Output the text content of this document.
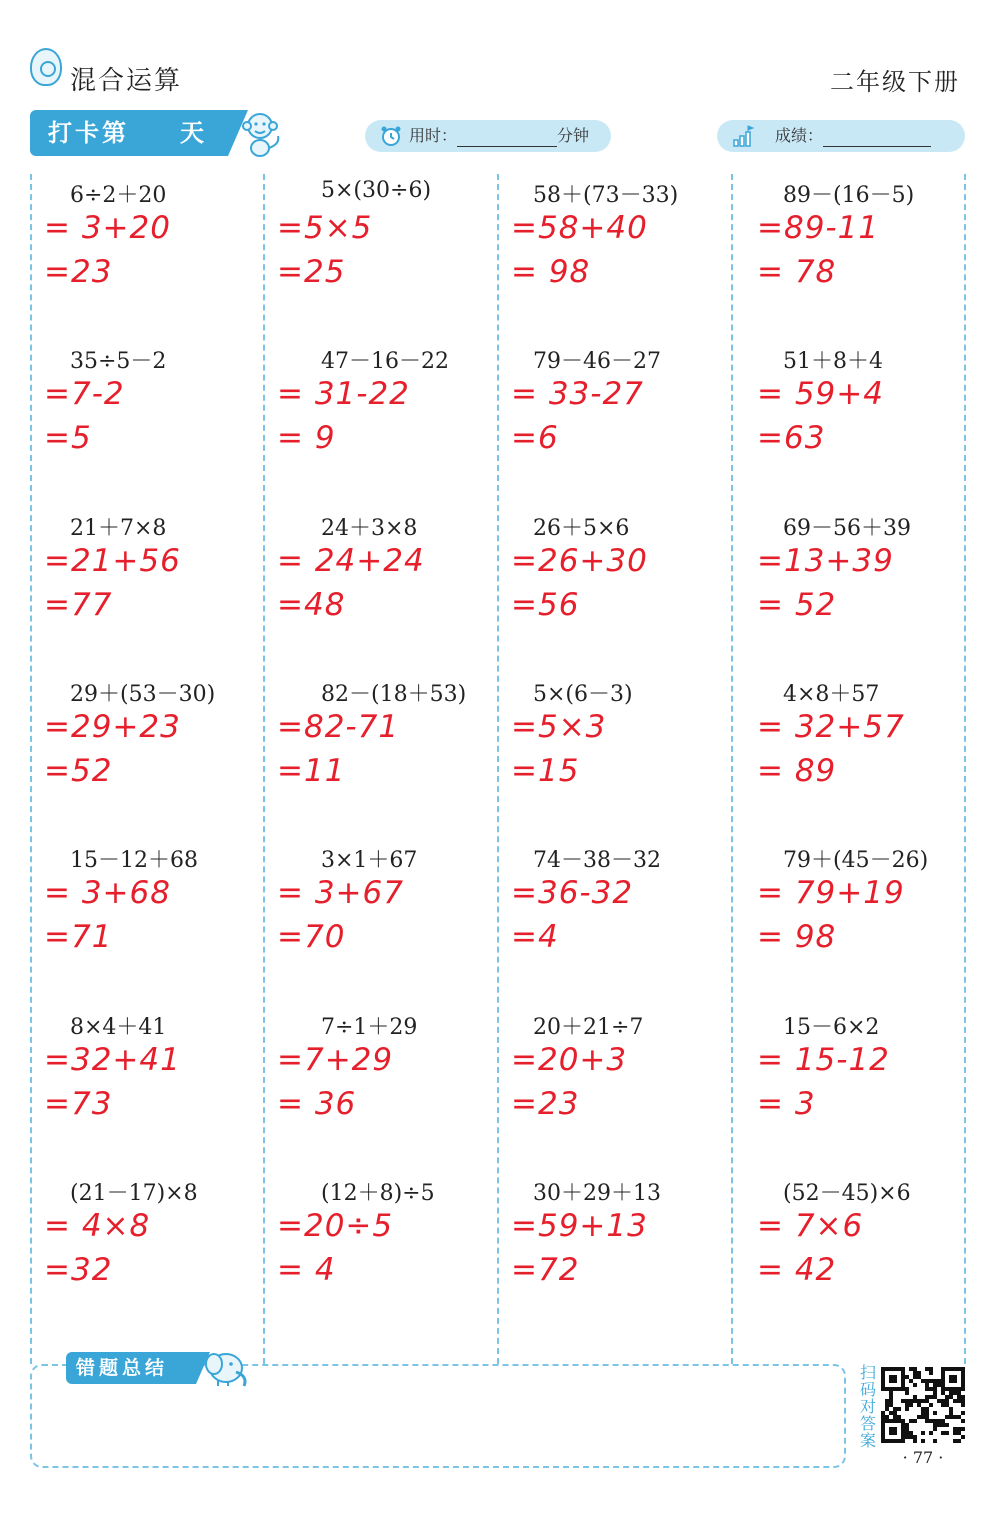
混合运算	二年级下册
打卡第 天	用时：	分钟	成绩：
6÷2＋20
= 3+20
=23
5×(30÷6)
=5×5
=25
58＋(73－33)
=58+40
= 98
89－(16－5)
=89-11
= 78
35÷5－2
=7-2
=5
47－16－22
= 31-22
= 9
79－46－27
= 33-27
=6
51＋8＋4
= 59+4
=63
21＋7×8
=21+56
=77
24＋3×8
= 24+24
=48
26＋5×6
=26+30
=56
69－56＋39
=13+39
= 52
29＋(53－30)
=29+23
=52
82－(18＋53)
=82-71
=11
5×(6－3)
=5×3
=15
4×8＋57
= 32+57
= 89
15－12＋68
= 3+68
=71
3×1＋67
= 3+67
=70
74－38－32
=36-32
=4
79＋(45－26)
= 79+19
= 98
8×4＋41
=32+41
=73
7÷1＋29
=7+29
= 36
20＋21÷7
=20+3
=23
15－6×2
= 15-12
= 3
(21－17)×8
= 4×8
=32
(12＋8)÷5
=20÷5
= 4
30＋29＋13
=59+13
=72
(52－45)×6
= 7×6
= 42
错题总结	扫码对答案
· 77 ·
